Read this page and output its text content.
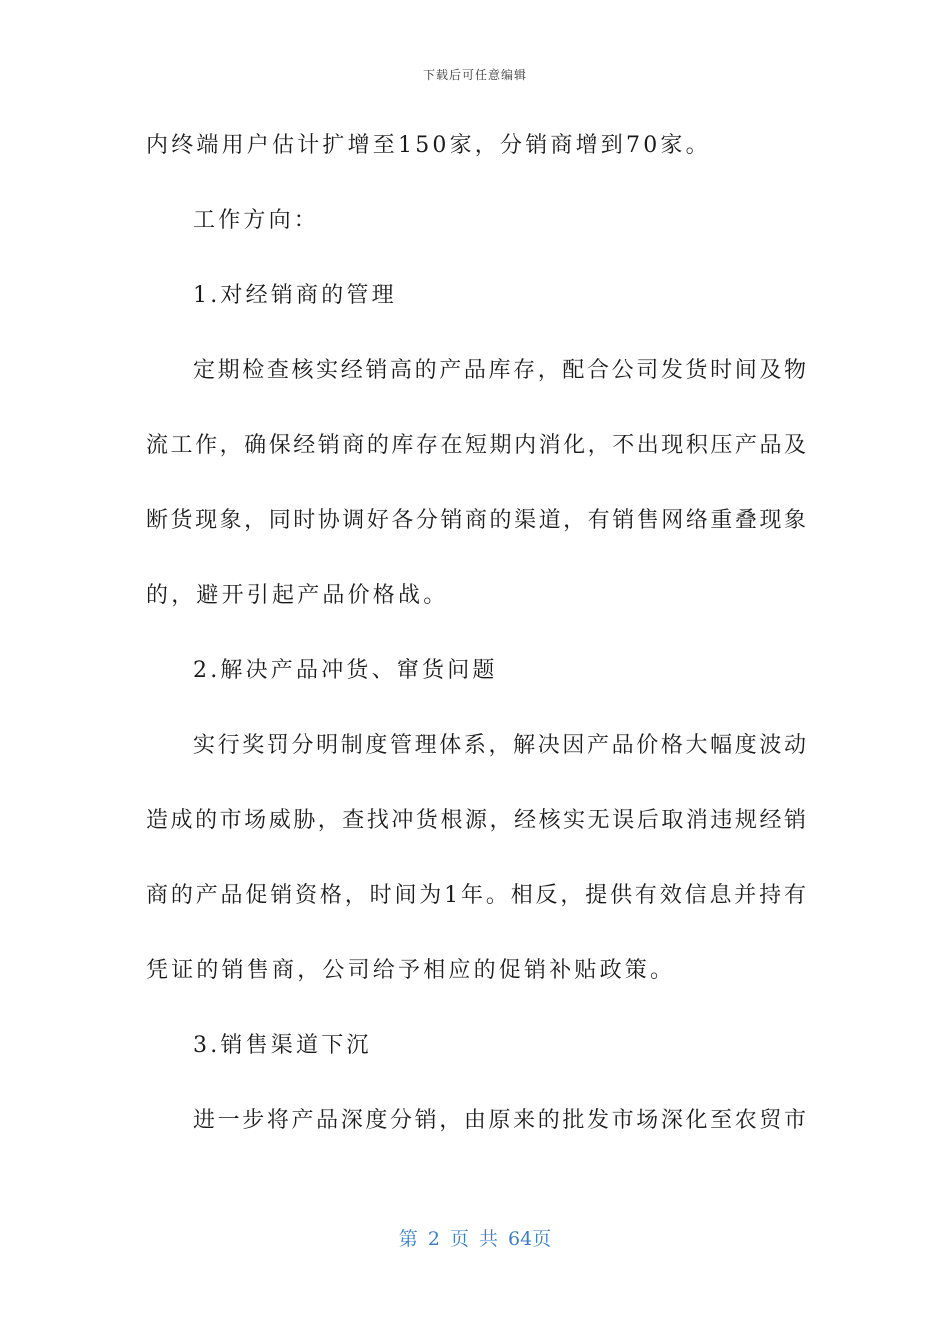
下载后可任意编辑
内终端用户估计扩增至150家，分销商增到70家。
工作方向：
1.对经销商的管理
定期检查核实经销高的产品库存，配合公司发货时间及物
流工作，确保经销商的库存在短期内消化，不出现积压产品及
断货现象，同时协调好各分销商的渠道，有销售网络重叠现象
的，避开引起产品价格战。
2.解决产品冲货、窜货问题
实行奖罚分明制度管理体系，解决因产品价格大幅度波动
造成的市场威胁，查找冲货根源，经核实无误后取消违规经销
商的产品促销资格，时间为1年。相反，提供有效信息并持有
凭证的销售商，公司给予相应的促销补贴政策。
3.销售渠道下沉
进一步将产品深度分销，由原来的批发市场深化至农贸市
第 2 页 共 64页
